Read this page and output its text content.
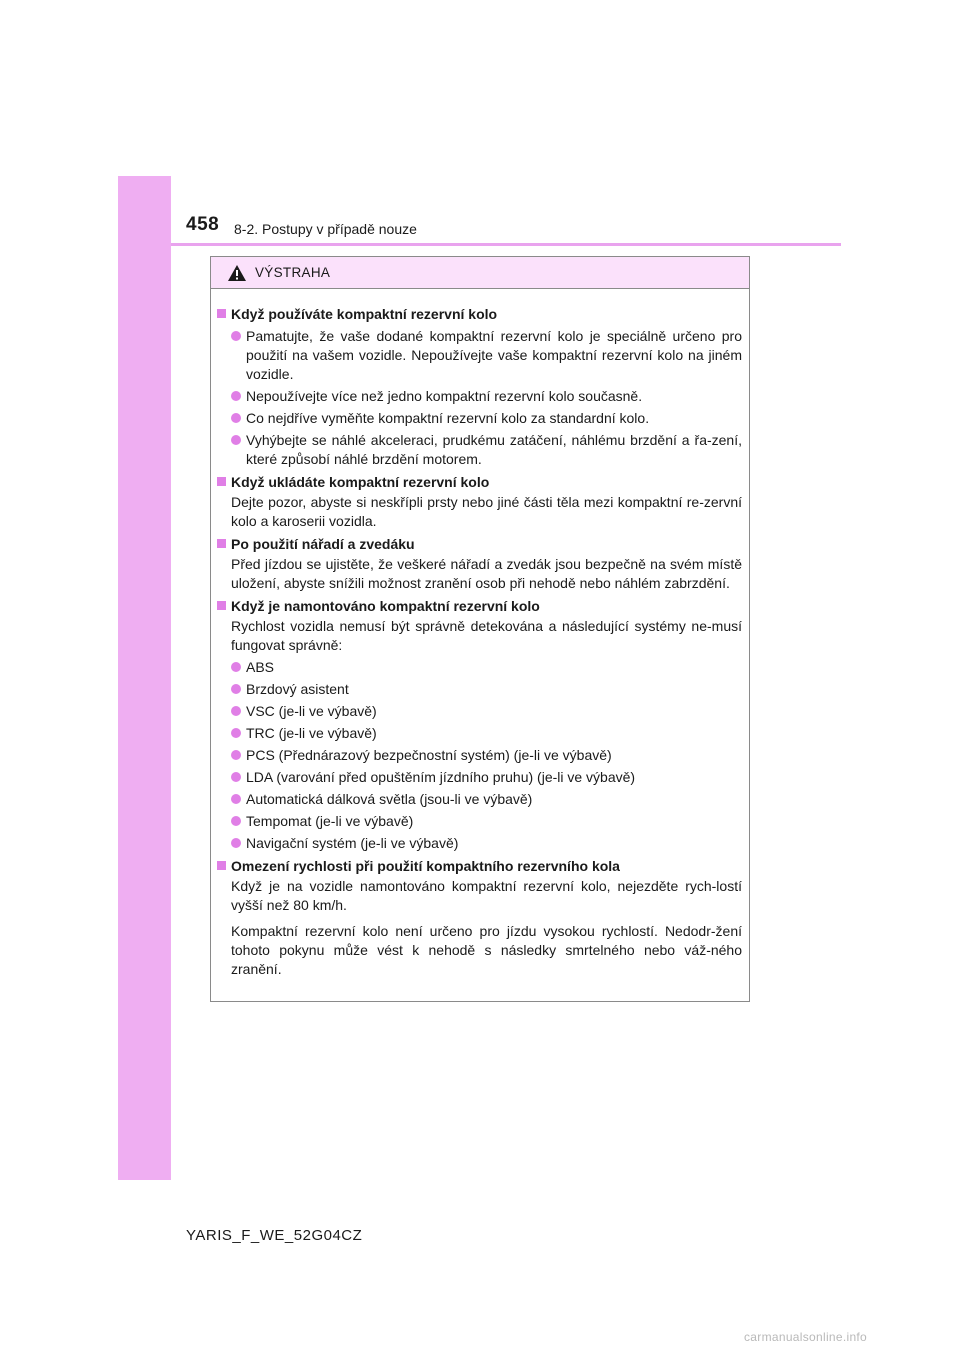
458 8-2. Postupy v případě nouze
VÝSTRAHA
Když používáte kompaktní rezervní kolo
Pamatujte, že vaše dodané kompaktní rezervní kolo je speciálně určeno pro použití na vašem vozidle. Nepoužívejte vaše kompaktní rezervní kolo na jiném vozidle.
Nepoužívejte více než jedno kompaktní rezervní kolo současně.
Co nejdříve vyměňte kompaktní rezervní kolo za standardní kolo.
Vyhýbejte se náhlé akceleraci, prudkému zatáčení, náhlému brzdění a řa-zení, které způsobí náhlé brzdění motorem.
Když ukládáte kompaktní rezervní kolo
Dejte pozor, abyste si neskřípli prsty nebo jiné části těla mezi kompaktní re-zervní kolo a karoserii vozidla.
Po použití nářadí a zvedáku
Před jízdou se ujistěte, že veškeré nářadí a zvedák jsou bezpečně na svém místě uložení, abyste snížili možnost zranění osob při nehodě nebo náhlém zabrzdění.
Když je namontováno kompaktní rezervní kolo
Rychlost vozidla nemusí být správně detekována a následující systémy ne-musí fungovat správně:
ABS
Brzdový asistent
VSC (je-li ve výbavě)
TRC (je-li ve výbavě)
PCS (Přednárazový bezpečnostní systém) (je-li ve výbavě)
LDA (varování před opuštěním jízdního pruhu) (je-li ve výbavě)
Automatická dálková světla (jsou-li ve výbavě)
Tempomat (je-li ve výbavě)
Navigační systém (je-li ve výbavě)
Omezení rychlosti při použití kompaktního rezervního kola
Když je na vozidle namontováno kompaktní rezervní kolo, nejezděte rych-lostí vyšší než 80 km/h.
Kompaktní rezervní kolo není určeno pro jízdu vysokou rychlostí. Nedodr-žení tohoto pokynu může vést k nehodě s následky smrtelného nebo váž-ného zranění.
YARIS_F_WE_52G04CZ
carmanualsonline.info
